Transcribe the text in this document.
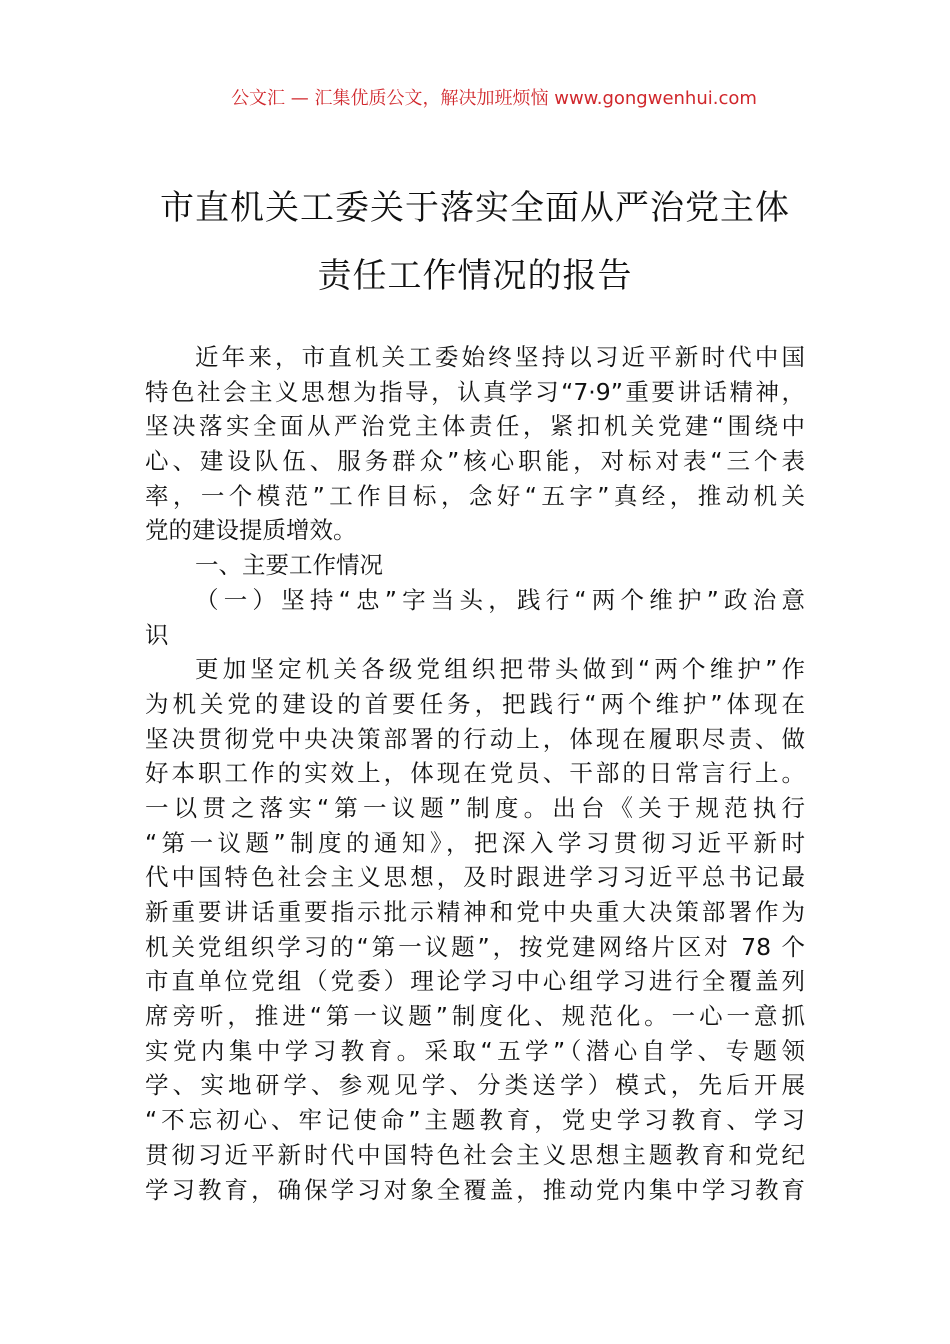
公文汇 — 汇集优质公文，解决加班烦恼 www.gongwenhui.com
市直机关工委关于落实全面从严治党主体
责任工作情况的报告
近年来，市直机关工委始终坚持以习近平新时代中国
特色社会主义思想为指导，认真学习“7·9”重要讲话精神，
坚决落实全面从严治党主体责任，紧扣机关党建“围绕中
心、建设队伍、服务群众”核心职能，对标对表“三个表
率，一个模范”工作目标，念好“五字”真经，推动机关
党的建设提质增效。
一、主要工作情况
（一）坚持“忠”字当头，践行“两个维护”政治意
识
更加坚定机关各级党组织把带头做到“两个维护”作
为机关党的建设的首要任务，把践行“两个维护”体现在
坚决贯彻党中央决策部署的行动上，体现在履职尽责、做
好本职工作的实效上，体现在党员、干部的日常言行上。
一以贯之落实“第一议题”制度。出台《关于规范执行
“第一议题”制度的通知》，把深入学习贯彻习近平新时
代中国特色社会主义思想，及时跟进学习习近平总书记最
新重要讲话重要指示批示精神和党中央重大决策部署作为
机关党组织学习的“第一议题”，按党建网络片区对 78 个
市直单位党组（党委）理论学习中心组学习进行全覆盖列
席旁听，推进“第一议题”制度化、规范化。一心一意抓
实党内集中学习教育。采取“五学”（潜心自学、专题领
学、实地研学、参观见学、分类送学）模式，先后开展
“不忘初心、牢记使命”主题教育，党史学习教育、学习
贯彻习近平新时代中国特色社会主义思想主题教育和党纪
学习教育，确保学习对象全覆盖，推动党内集中学习教育
